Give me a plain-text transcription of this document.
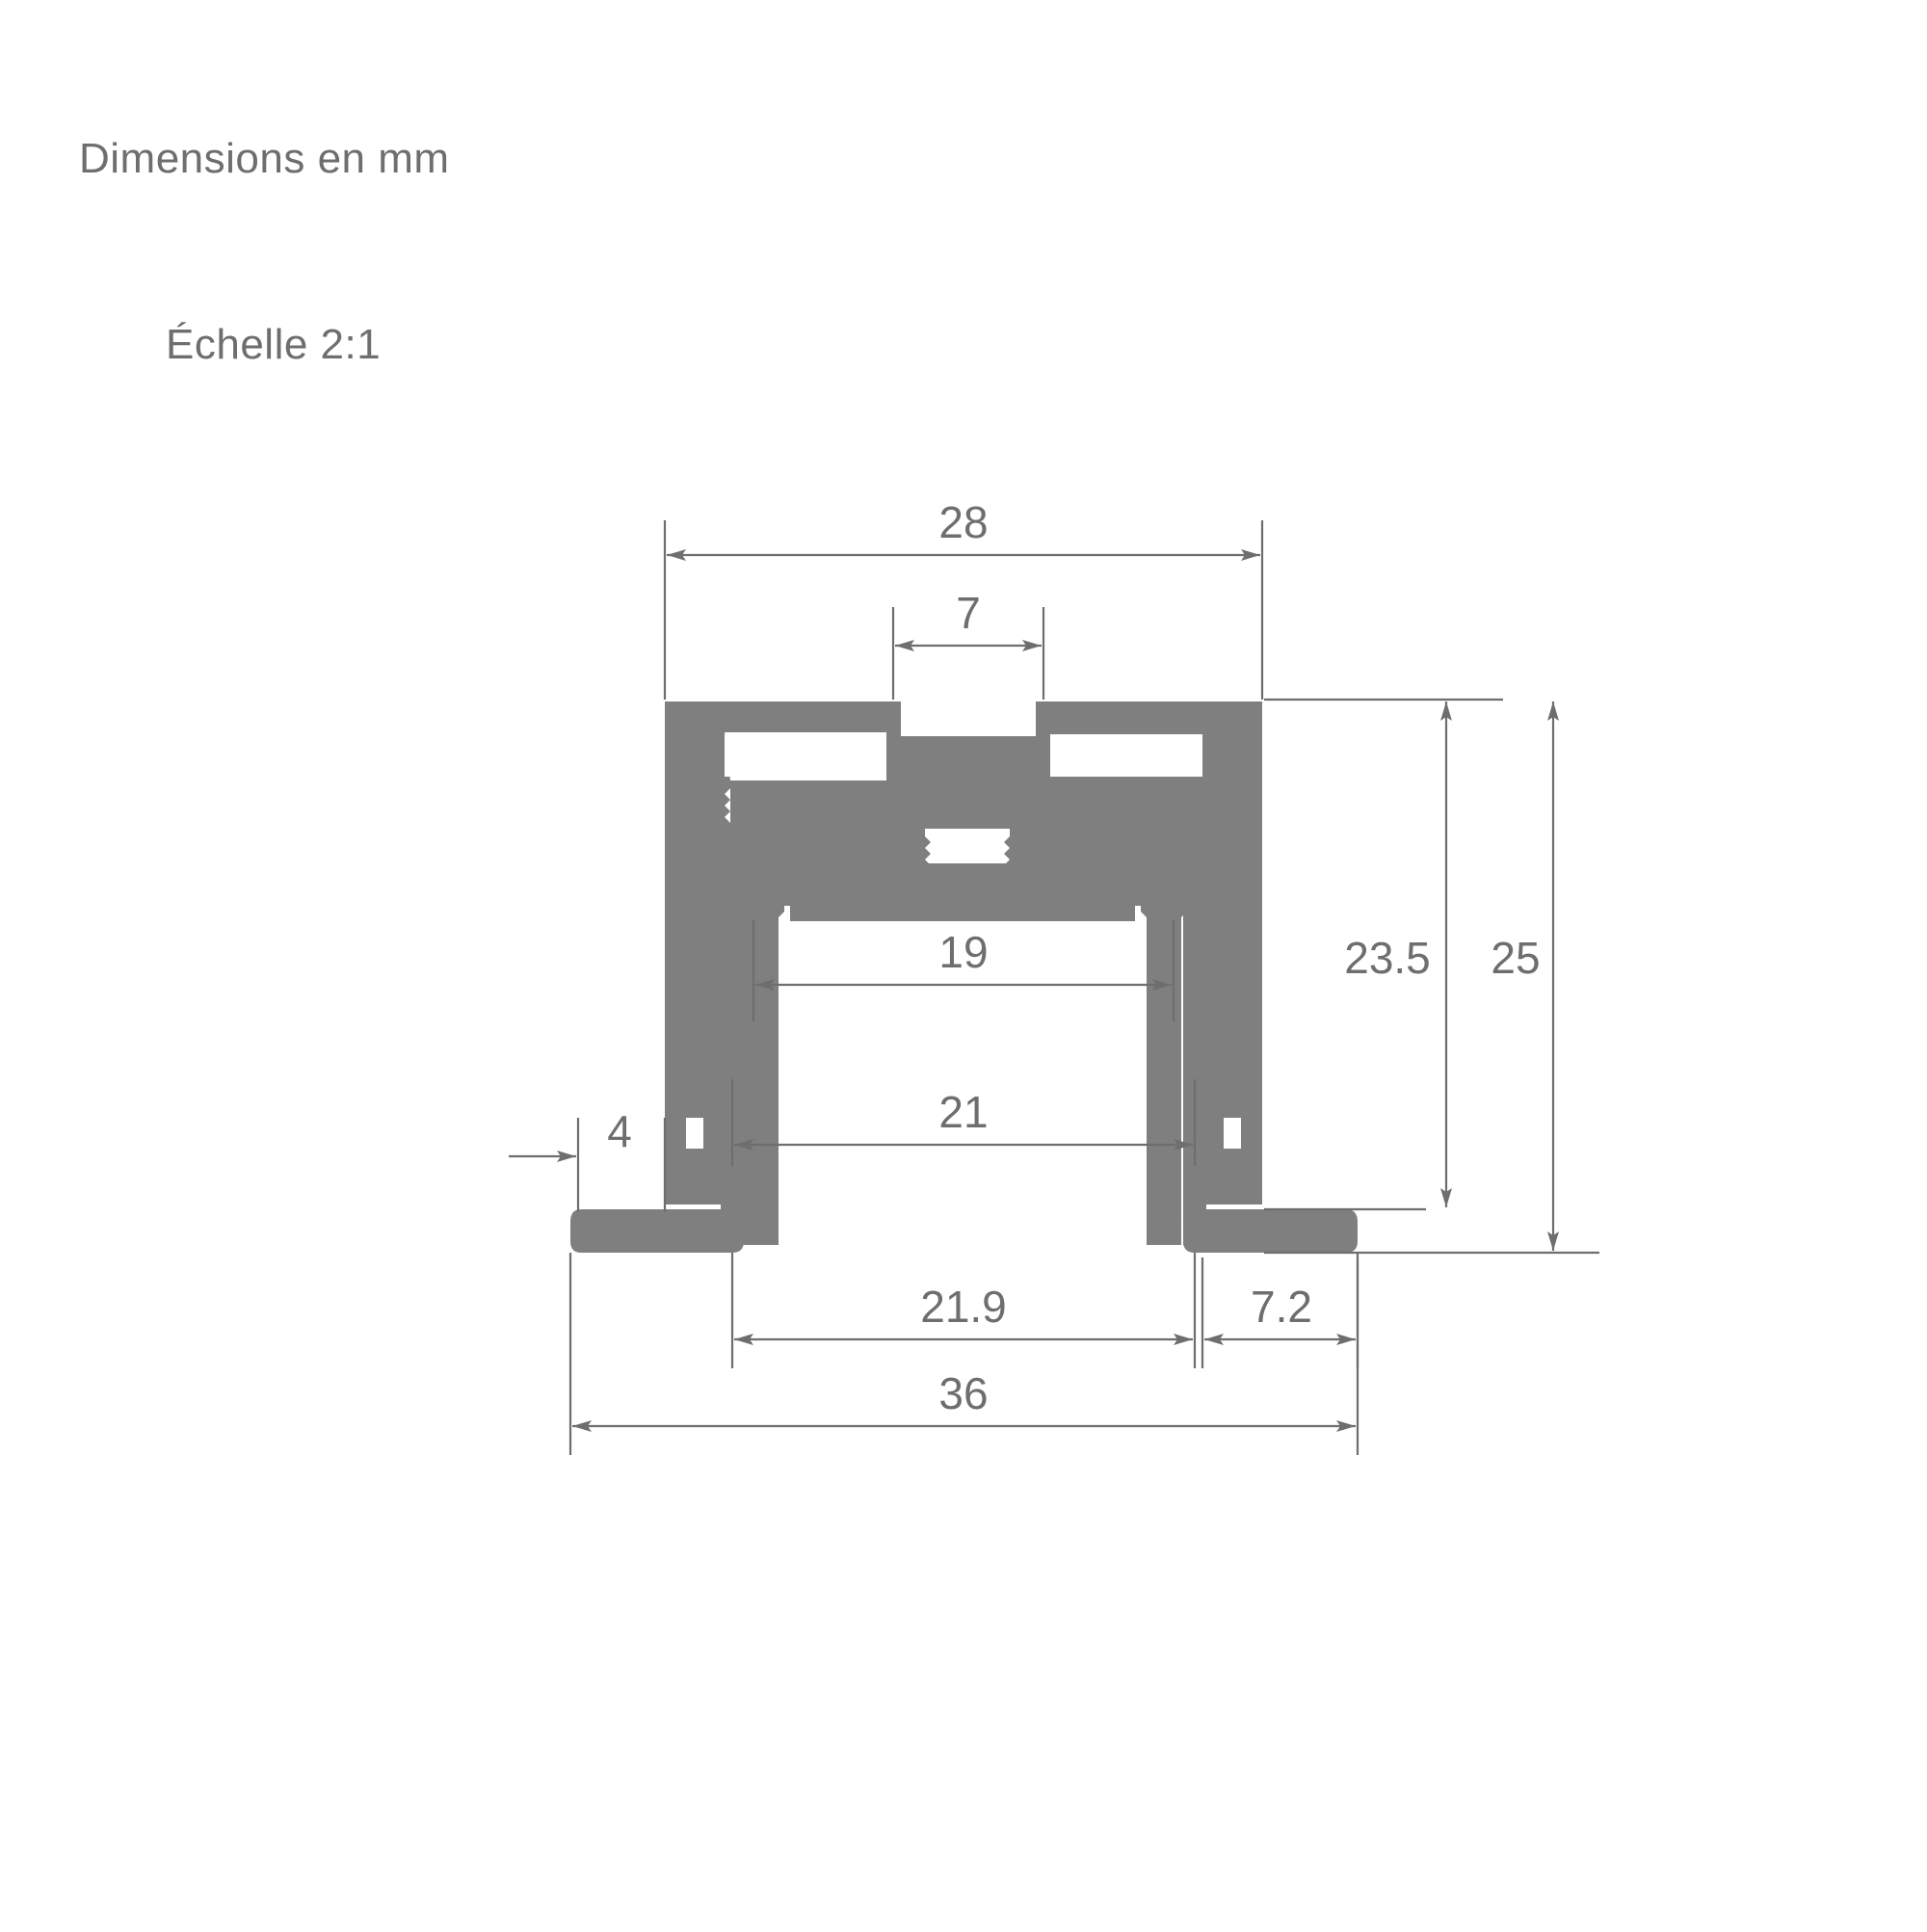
Dimensions en mm
Échelle 2:1
28
7
19
21
4
21.9	7.2
36
23.5 25
